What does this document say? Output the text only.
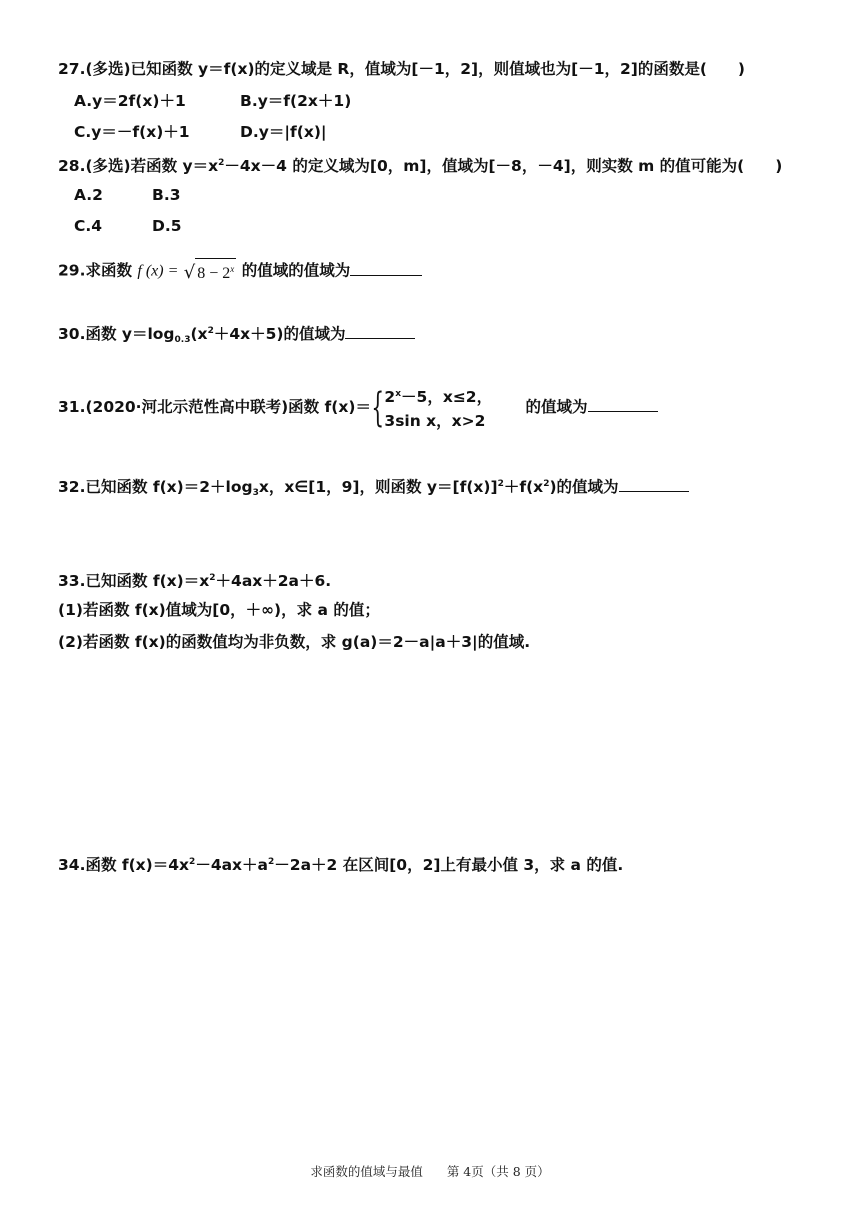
27.(多选)已知函数 y＝f(x)的定义域是 R，值域为[－1，2]，则值域也为[－1，2]的函数是(　　)
A.y＝2f(x)＋1	B.y＝f(2x＋1)
C.y＝－f(x)＋1	D.y＝|f(x)|
28.(多选)若函数 $y=x^2-4x-4$ 的定义域为[0，m]，值域为[－8，－4]，则实数 m 的值可能为(　　)
A.2	B.3
C.4	D.5
29.求函数 f (x) = √ $8 - 2^x$ 的值域的值域为
30.函数 $y=\log_{0.3}(x^2+4x+5)$的值域为
31.(2020·河北示范性高中联考)函数 f(x)＝ { $2^x-5$，x≤2，
3sin x，x>2
的值域为
32.已知函数 $f(x)=2+\log_3x$，x∈[1，9]，则函数 $y=[f(x)]^2+f(x^2)$的值域为
33.已知函数 $f(x)=x^2+4ax+2a+6$.
(1)若函数 f(x)值域为[0，＋∞)，求 a 的值；
(2)若函数 f(x)的函数值均为非负数，求 g(a)＝2－a|a＋3|的值域.
34.函数 $f(x)=4x^2-4ax+a^2-2a+2$ 在区间[0，2]上有最小值 3，求 a 的值.
求函数的值域与最值 第 4页（共 8 页）
